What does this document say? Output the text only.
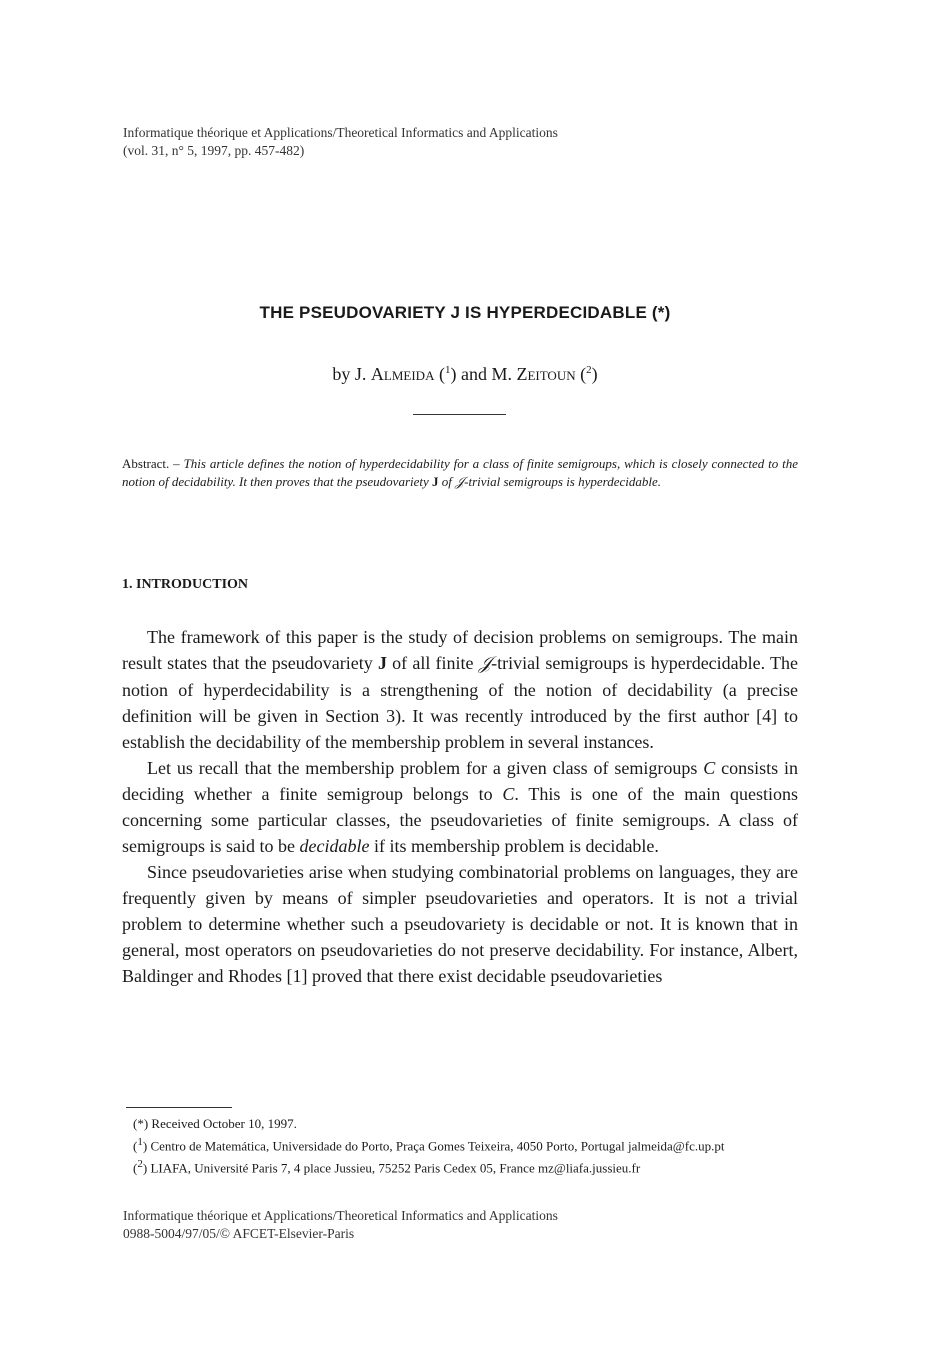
Informatique théorique et Applications/Theoretical Informatics and Applications
(vol. 31, n° 5, 1997, pp. 457-482)
THE PSEUDOVARIETY J IS HYPERDECIDABLE (*)
by J. Almeida ($^1$) and M. Zeitoun ($^2$)
Abstract. – This article defines the notion of hyperdecidability for a class of finite semigroups, which is closely connected to the notion of decidability. It then proves that the pseudovariety J of 𝒥-trivial semigroups is hyperdecidable.
1. INTRODUCTION

The framework of this paper is the study of decision problems on semigroups. The main result states that the pseudovariety J of all finite 𝒥-trivial semigroups is hyperdecidable. The notion of hyperdecidability is a strengthening of the notion of decidability (a precise definition will be given in Section 3). It was recently introduced by the first author [4] to establish the decidability of the membership problem in several instances.

Let us recall that the membership problem for a given class of semigroups C consists in deciding whether a finite semigroup belongs to C. This is one of the main questions concerning some particular classes, the pseudovarieties of finite semigroups. A class of semigroups is said to be decidable if its membership problem is decidable.

Since pseudovarieties arise when studying combinatorial problems on languages, they are frequently given by means of simpler pseudovarieties and operators. It is not a trivial problem to determine whether such a pseudovariety is decidable or not. It is known that in general, most operators on pseudovarieties do not preserve decidability. For instance, Albert, Baldinger and Rhodes [1] proved that there exist decidable pseudovarieties

(*) Received October 10, 1997.
($^1$) Centro de Matemática, Universidade do Porto, Praça Gomes Teixeira, 4050 Porto, Portugal jalmeida@fc.up.pt
($^2$) LIAFA, Université Paris 7, 4 place Jussieu, 75252 Paris Cedex 05, France mz@liafa.jussieu.fr
Informatique théorique et Applications/Theoretical Informatics and Applications
0988-5004/97/05/© AFCET-Elsevier-Paris
